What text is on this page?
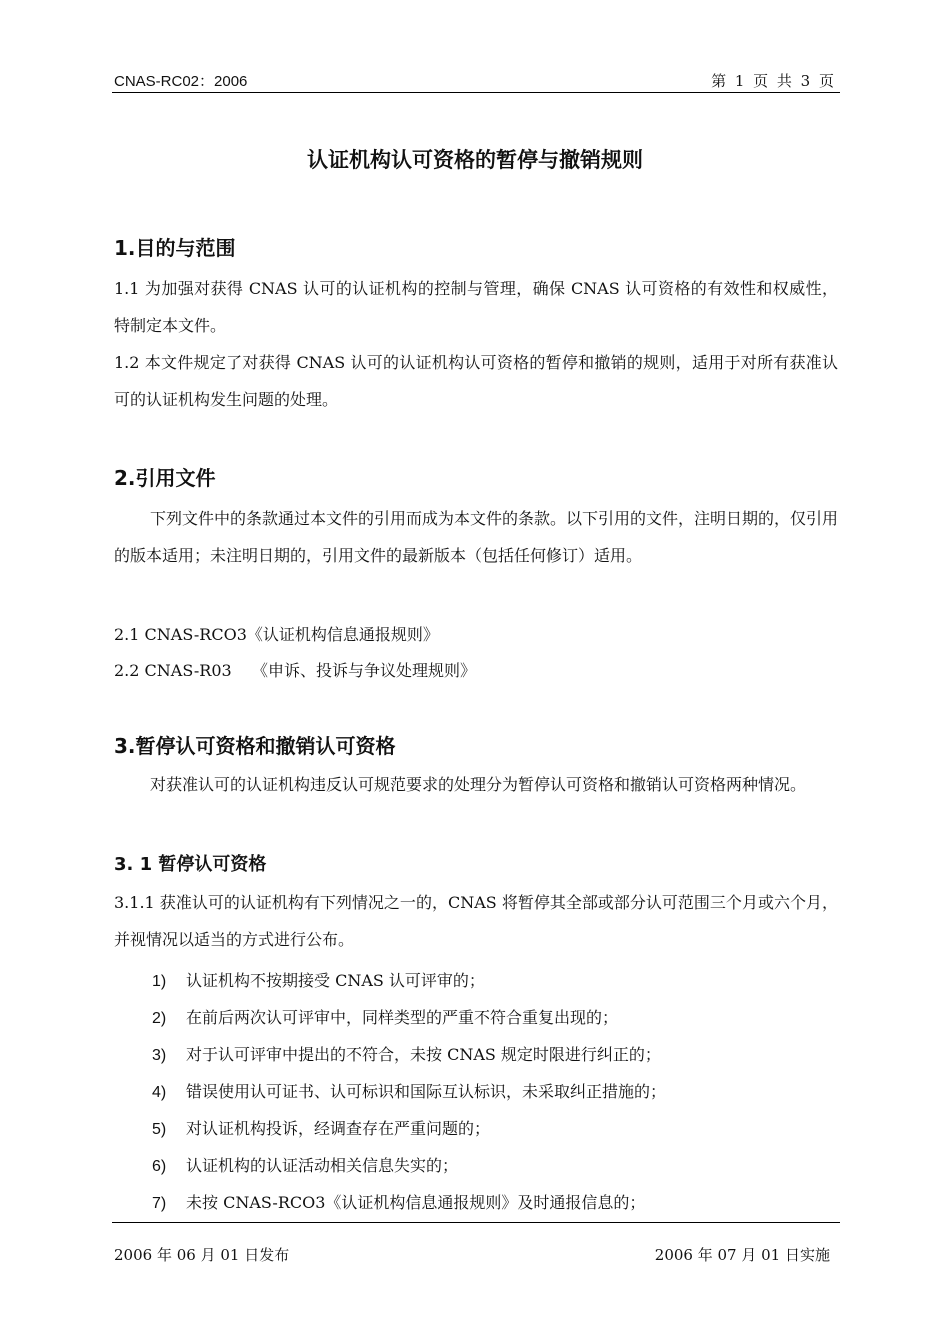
CNAS-RC02：2006	第 1 页 共 3 页
认证机构认可资格的暂停与撤销规则
1.目的与范围
1.1 为加强对获得 CNAS 认可的认证机构的控制与管理，确保 CNAS 认可资格的有效性和权威性，特制定本文件。
1.2 本文件规定了对获得 CNAS 认可的认证机构认可资格的暂停和撤销的规则，适用于对所有获准认可的认证机构发生问题的处理。
2.引用文件
下列文件中的条款通过本文件的引用而成为本文件的条款。以下引用的文件，注明日期的，仅引用的版本适用；未注明日期的，引用文件的最新版本（包括任何修订）适用。
2.1 CNAS-RCO3《认证机构信息通报规则》
2.2 CNAS-R03    《申诉、投诉与争议处理规则》
3.暂停认可资格和撤销认可资格
对获准认可的认证机构违反认可规范要求的处理分为暂停认可资格和撤销认可资格两种情况。
3. 1 暂停认可资格
3.1.1 获准认可的认证机构有下列情况之一的，CNAS 将暂停其全部或部分认可范围三个月或六个月，并视情况以适当的方式进行公布。
1) 认证机构不按期接受 CNAS 认可评审的；
2) 在前后两次认可评审中，同样类型的严重不符合重复出现的；
3) 对于认可评审中提出的不符合，未按 CNAS 规定时限进行纠正的；
4) 错误使用认可证书、认可标识和国际互认标识，未采取纠正措施的；
5) 对认证机构投诉，经调查存在严重问题的；
6) 认证机构的认证活动相关信息失实的；
7) 未按 CNAS-RCO3《认证机构信息通报规则》及时通报信息的；
2006 年 06 月 01 日发布	2006 年 07 月 01 日实施
